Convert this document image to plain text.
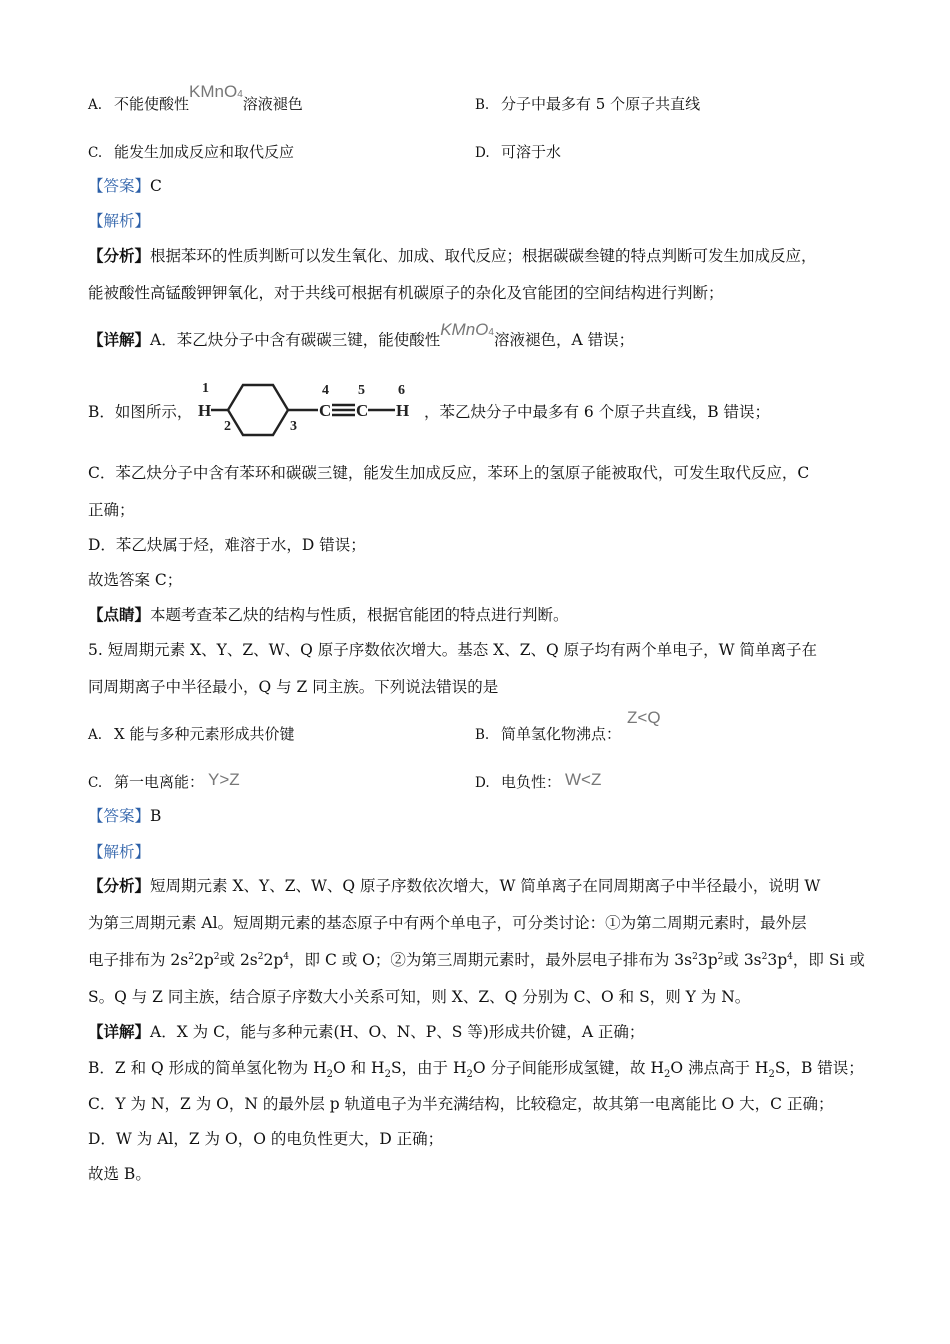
A. 不能使酸性KMnO4溶液褪色	B. 分子中最多有 5 个原子共直线
C. 能发生加成反应和取代反应	D. 可溶于水
【答案】C
【解析】
【分析】根据苯环的性质判断可以发生氧化、加成、取代反应；根据碳碳叁键的特点判断可发生加成反应，
能被酸性高锰酸钾钾氧化，对于共线可根据有机碳原子的杂化及官能团的空间结构进行判断；
【详解】A．苯乙炔分子中含有碳碳三键，能使酸性KMnO4溶液褪色，A 错误；
B．如图所示，
1
H
2	3
4
C
5
C
6
H ，苯乙炔分子中最多有 6 个原子共直线，B 错误；
C．苯乙炔分子中含有苯环和碳碳三键，能发生加成反应，苯环上的氢原子能被取代，可发生取代反应，C
正确；
D．苯乙炔属于烃，难溶于水，D 错误；
故选答案 C；
【点睛】本题考查苯乙炔的结构与性质，根据官能团的特点进行判断。
5. 短周期元素 X、Y、Z、W、Q 原子序数依次增大。基态 X、Z、Q 原子均有两个单电子，W 简单离子在
同周期离子中半径最小，Q 与 Z 同主族。下列说法错误的是
A. X 能与多种元素形成共价键	B. 简单氢化物沸点：Z<Q
C. 第一电离能： Y>Z	D. 电负性： W<Z
【答案】B
【解析】
【分析】短周期元素 X、Y、Z、W、Q 原子序数依次增大，W 简单离子在同周期离子中半径最小，说明 W
为第三周期元素 Al。短周期元素的基态原子中有两个单电子，可分类讨论：①为第二周期元素时，最外层
电子排布为 $2s^22p^2$或 $2s^22p^4$，即 C 或 O；②为第三周期元素时，最外层电子排布为 $3s^23p^2$或 $3s^23p^4$，即 Si 或
S。Q 与 Z 同主族，结合原子序数大小关系可知，则 X、Z、Q 分别为 C、O 和 S，则 Y 为 N。
【详解】A．X 为 C，能与多种元素(H、O、N、P、S 等)形成共价键，A 正确；
B．Z 和 Q 形成的简单氢化物为 $H_2O$ 和 $H_2S$，由于 $H_2O$ 分子间能形成氢键，故 $H_2O$ 沸点高于 $H_2S$，B 错误；
C．Y 为 N，Z 为 O，N 的最外层 p 轨道电子为半充满结构，比较稳定，故其第一电离能比 O 大，C 正确；
D．W 为 Al，Z 为 O，O 的电负性更大，D 正确；
故选 B。
